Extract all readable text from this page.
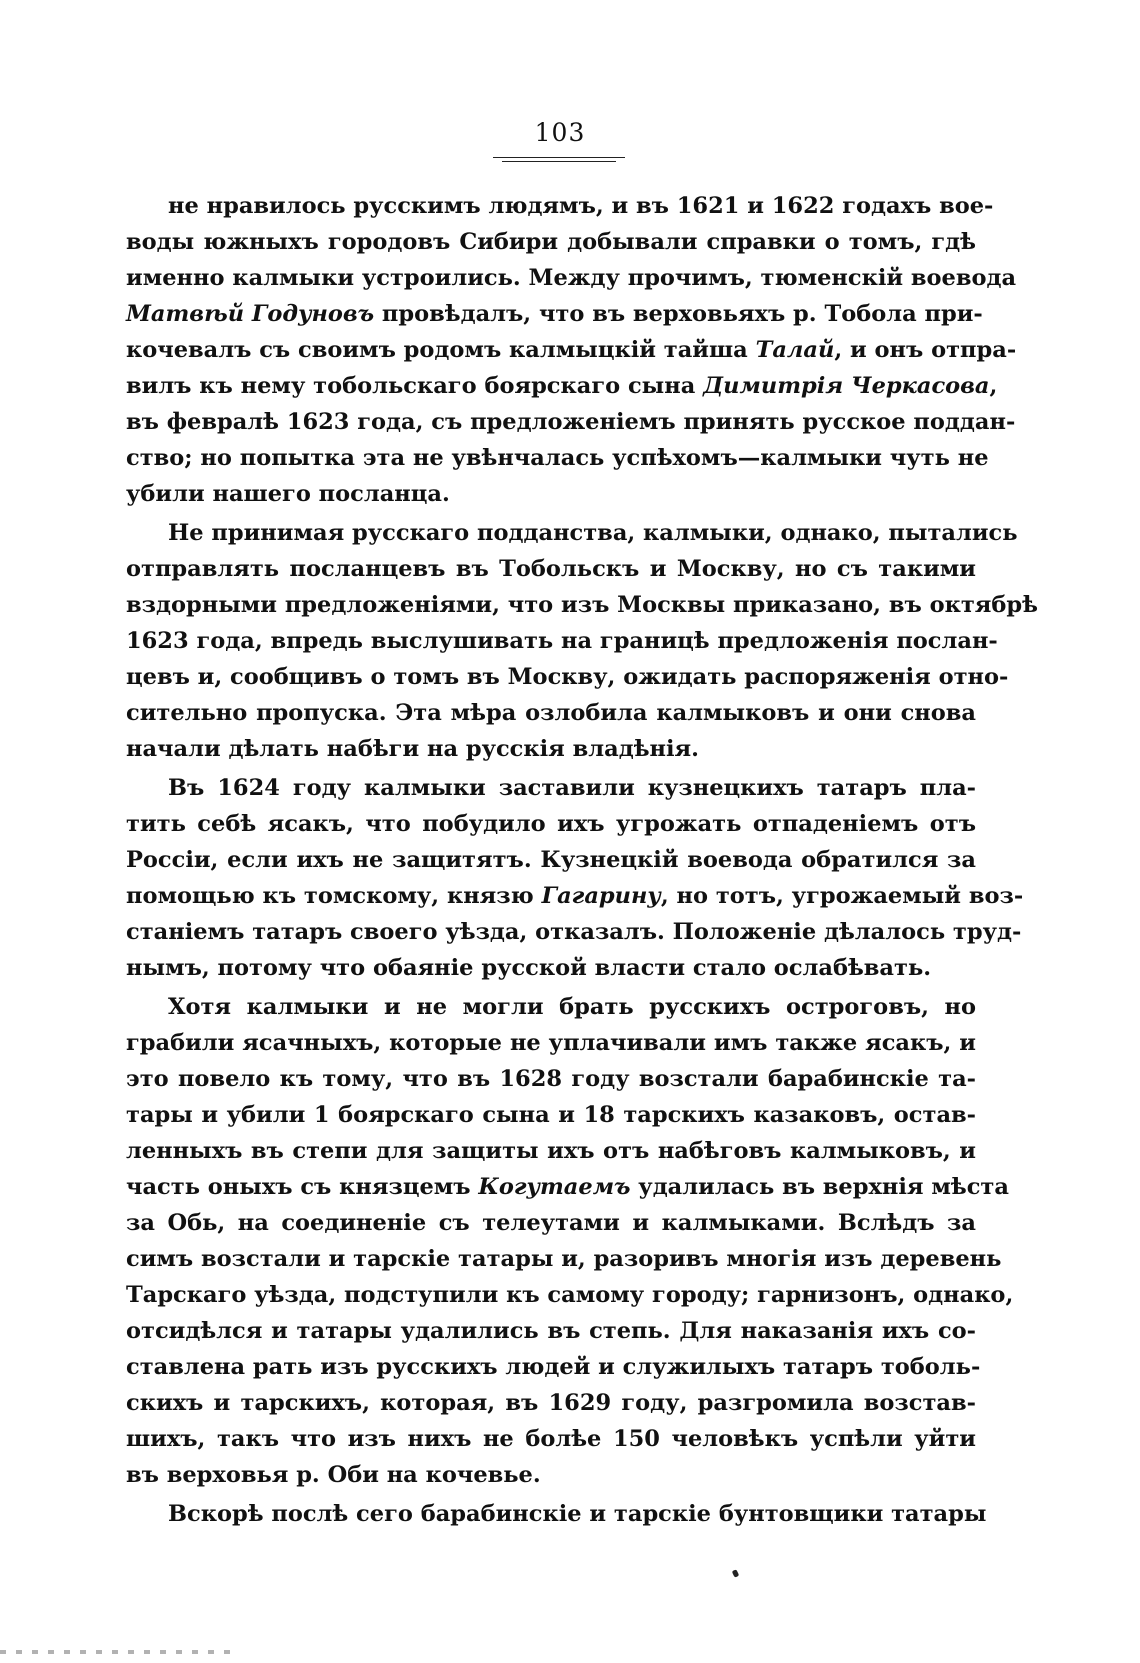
103
не нравилось русскимъ людямъ, и въ 1621 и 1622 годахъ вое-
воды южныхъ городовъ Сибири добывали справки о томъ, гдѣ
именно калмыки устроились. Между прочимъ, тюменскій воевода
Матвѣй Годуновъ провѣдалъ, что въ верховьяхъ р. Тобола при-
кочевалъ съ своимъ родомъ калмыцкій тайша Талай, и онъ отпра-
вилъ къ нему тобольскаго боярскаго сына Димитрія Черкасова,
въ февралѣ 1623 года, съ предложеніемъ принять русское поддан-
ство; но попытка эта не увѣнчалась успѣхомъ—калмыки чуть не
убили нашего посланца.
Не принимая русскаго подданства, калмыки, однако, пытались
отправлять посланцевъ въ Тобольскъ и Москву, но съ такими
вздорными предложеніями, что изъ Москвы приказано, въ октябрѣ
1623 года, впредь выслушивать на границѣ предложенія послан-
цевъ и, сообщивъ о томъ въ Москву, ожидать распоряженія отно-
сительно пропуска. Эта мѣра озлобила калмыковъ и они снова
начали дѣлать набѣги на русскія владѣнія.
Въ 1624 году калмыки заставили кузнецкихъ татаръ пла-
тить себѣ ясакъ, что побудило ихъ угрожать отпаденіемъ отъ
Россіи, если ихъ не защитятъ. Кузнецкій воевода обратился за
помощью къ томскому, князю Гагарину, но тотъ, угрожаемый воз-
станіемъ татаръ своего уѣзда, отказалъ. Положеніе дѣлалось труд-
нымъ, потому что обаяніе русской власти стало ослабѣвать.
Хотя калмыки и не могли брать русскихъ остроговъ, но
грабили ясачныхъ, которые не уплачивали имъ также ясакъ, и
это повело къ тому, что въ 1628 году возстали барабинскіе та-
тары и убили 1 боярскаго сына и 18 тарскихъ казаковъ, остав-
ленныхъ въ степи для защиты ихъ отъ набѣговъ калмыковъ, и
часть оныхъ съ князцемъ Когутаемъ удалилась въ верхнія мѣста
за Обь, на соединеніе съ телеутами и калмыками. Вслѣдъ за
симъ возстали и тарскіе татары и, разоривъ многія изъ деревень
Тарскаго уѣзда, подступили къ самому городу; гарнизонъ, однако,
отсидѣлся и татары удалились въ степь. Для наказанія ихъ со-
ставлена рать изъ русскихъ людей и служилыхъ татаръ тоболь-
скихъ и тарскихъ, которая, въ 1629 году, разгромила возстав-
шихъ, такъ что изъ нихъ не болѣе 150 человѣкъ успѣли уйти
въ верховья р. Оби на кочевье.
Вскорѣ послѣ сего барабинскіе и тарскіе бунтовщики татары
